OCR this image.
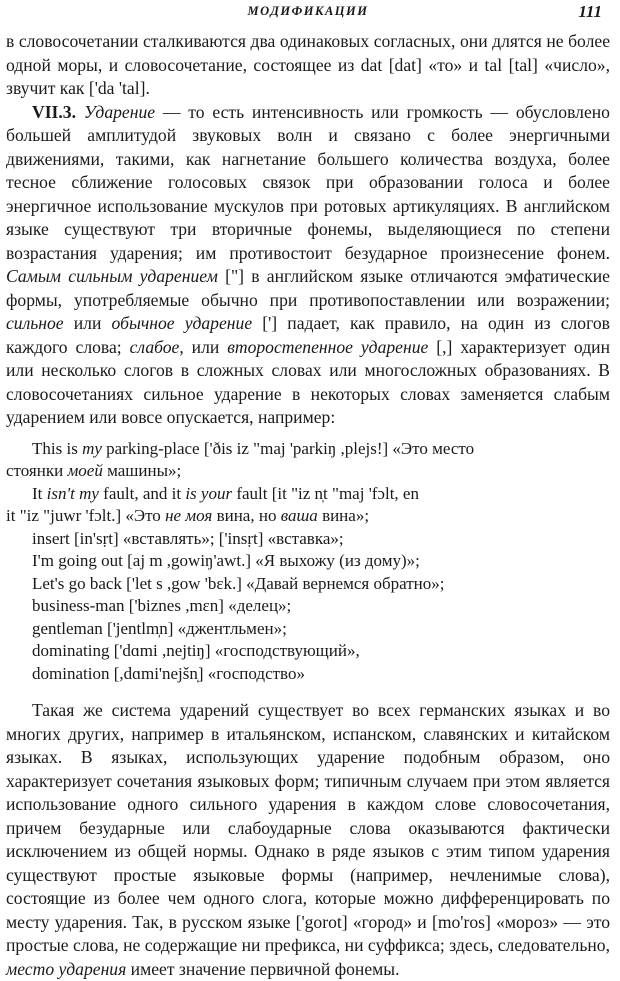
МОДИФИКАЦИИ	111

в словосочетании сталкиваются два одинаковых согласных, они длятся не более одной моры, и словосочетание, состоящее из dat [dat] «то» и tal [tal] «число», звучит как ['da 'tal].

VII.3. Ударение — то есть интенсивность или громкость — обусловлено большей амплитудой звуковых волн и связано с более энергичными движениями, такими, как нагнетание большего количества воздуха, более тесное сближение голосовых связок при образовании голоса и более энергичное использование мускулов при ротовых артикуляциях. В английском языке существуют три вторичные фонемы, выделяющиеся по степени возрастания ударения; им противостоит безударное произнесение фонем. Самым сильным ударением ["] в английском языке отличаются эмфатические формы, употребляемые обычно при противопоставлении или возражении; сильное или обычное ударение ['] падает, как правило, на один из слогов каждого слова; слабое, или второстепенное ударение [,] характеризует один или несколько слогов в сложных словах или многосложных образованиях. В словосочетаниях сильное ударение в некоторых словах заменяется слабым ударением или вовсе опускается, например:

This is my parking-place ['ðis iz "maj 'parkiŋ ,plejs!] «Это место
стоянки моей машины»;
It isn't my fault, and it is your fault [it "iz n̩t "maj 'fɔlt, en
it "iz "juwr 'fɔlt.] «Это не моя вина, но ваша вина»;
insert [in'sṛt] «вставлять»; ['insṛt] «вставка»;
I'm going out [aj m ,gowiŋ'awt.] «Я выхожу (из дому)»;
Let's go back ['let s ,gow 'bɛk.] «Давай вернемся обратно»;
business-man ['biznes ,mɛn] «делец»;
gentleman ['jentlm̩n] «джентльмен»;
dominating ['dɑmi ,nejtiŋ] «господствующий»,
domination [,dɑmi'nejšn̩] «господство»

Такая же система ударений существует во всех германских языках и во многих других, например в итальянском, испанском, славянских и китайском языках. В языках, использующих ударение подобным образом, оно характеризует сочетания языковых форм; типичным случаем при этом является использование одного сильного ударения в каждом слове словосочетания, причем безударные или слабоударные слова оказываются фактически исключением из общей нормы. Однако в ряде языков с этим типом ударения существуют простые языковые формы (например, нечленимые слова), состоящие из более чем одного слога, которые можно дифференцировать по месту ударения. Так, в русском языке ['gorot] «город» и [mo'ros] «мороз» — это простые слова, не содержащие ни префикса, ни суффикса; здесь, следовательно, место ударения имеет значение первичной фонемы.
